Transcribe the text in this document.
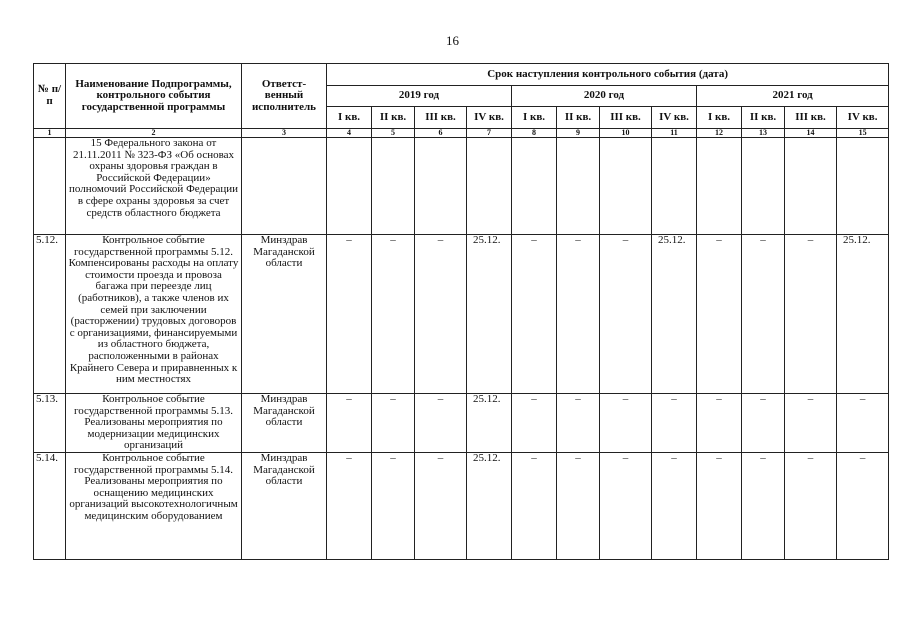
16
№ п/п	Наименование Подпрограммы, контрольного события государственной программы	Ответст-венный исполнитель	Срок наступления контрольного события (дата)											
			2019 год				2020 год				2021 год			
			I кв.	II кв.	III кв.	IV кв.	I кв.	II кв.	III кв.	IV кв.	I кв.	II кв.	III кв.	IV кв.
1	2	3	4	5	6	7	8	9	10	11	12	13	14	15
	15 Федерального закона от 21.11.2011 № 323-ФЗ «Об основах охраны здоровья граждан в Российской Федерации» полномочий Российской Федерации в сфере охраны здоровья за счет средств областного бюджета													
5.12.	Контрольное событие государственной программы 5.12. Компенсированы расходы на оплату стоимости проезда и провоза багажа при переезде лиц (работников), а также членов их семей при заключении (расторжении) трудовых договоров с организациями, финансируемыми из областного бюджета, расположенными в районах Крайнего Севера и приравненных к ним местностях	Минздрав Магаданской области	–	–	–	25.12.	–	–	–	25.12.	–	–	–	25.12.
5.13.	Контрольное событие государственной программы 5.13. Реализованы мероприятия по модернизации медицинских организаций	Минздрав Магаданской области	–	–	–	25.12.	–	–	–	–	–	–	–	–
5.14.	Контрольное событие государственной программы 5.14. Реализованы мероприятия по оснащению медицинских организаций высокотехнологичным медицинским оборудованием	Минздрав Магаданской области	–	–	–	25.12.	–	–	–	–	–	–	–	–
